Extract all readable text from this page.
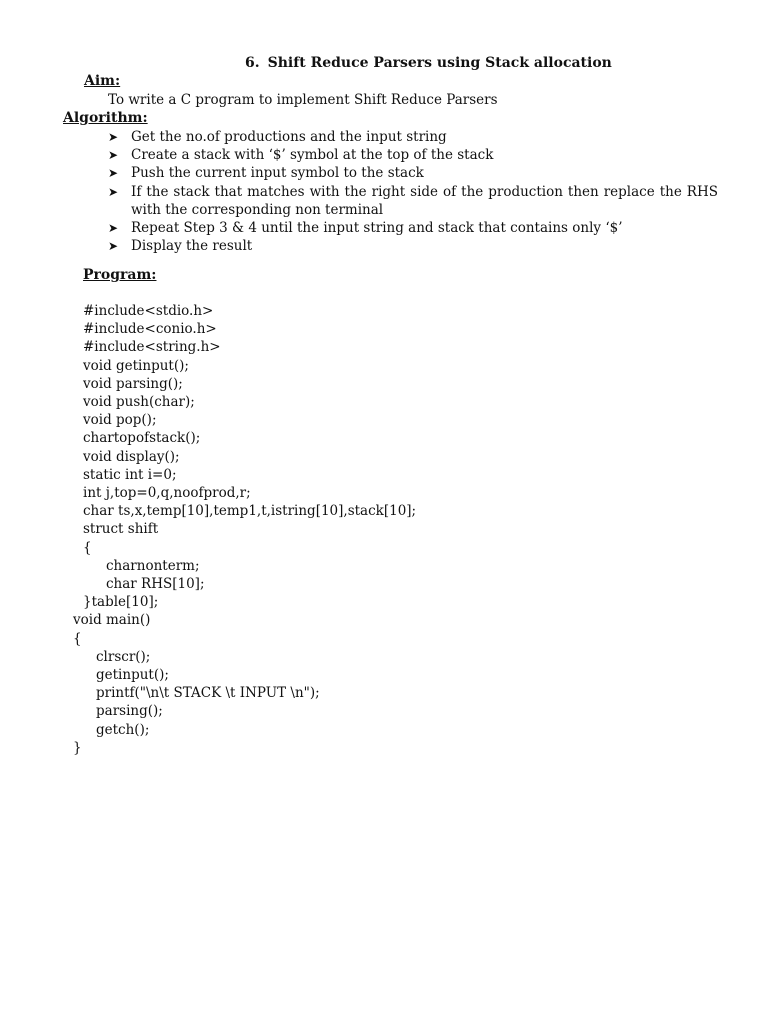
6. Shift Reduce Parsers using Stack allocation
Aim:
To write a C program to implement Shift Reduce Parsers
Algorithm:
➤ Get the no.of productions and the input string
➤ Create a stack with ‘$’ symbol at the top of the stack
➤ Push the current input symbol to the stack
➤ If the stack that matches with the right side of the production then replace the RHS with the corresponding non terminal
➤ Repeat Step 3 & 4 until the input string and stack that contains only ‘$’
➤ Display the result
Program:
#include<stdio.h>
#include<conio.h>
#include<string.h>
void getinput();
void parsing();
void push(char);
void pop();
chartopofstack();
void display();
static int i=0;
int j,top=0,q,noofprod,r;
char ts,x,temp[10],temp1,t,istring[10],stack[10];
struct shift
{
charnonterm;
char RHS[10];
}table[10];
void main()
{
clrscr();
getinput();
printf("\n\t STACK \t INPUT \n");
parsing();
getch();
}
